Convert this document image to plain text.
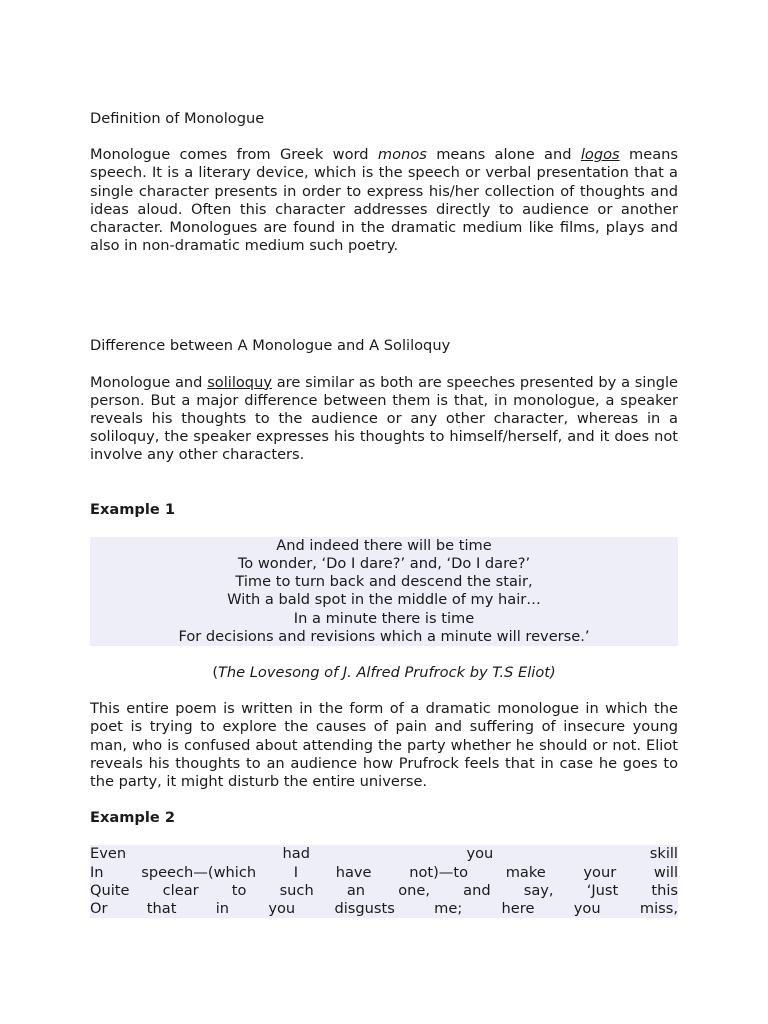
Definition of Monologue

Monologue comes from Greek word monos means alone and logos means speech. It is a literary device, which is the speech or verbal presentation that a single character presents in order to express his/her collection of thoughts and ideas aloud. Often this character addresses directly to audience or another character. Monologues are found in the dramatic medium like films, plays and also in non-dramatic medium such poetry.

Difference between A Monologue and A Soliloquy

Monologue and soliloquy are similar as both are speeches presented by a single person. But a major difference between them is that, in monologue, a speaker reveals his thoughts to the audience or any other character, whereas in a soliloquy, the speaker expresses his thoughts to himself/herself, and it does not involve any other characters.

Example 1

And indeed there will be time
To wonder, ‘Do I dare?’ and, ‘Do I dare?’
Time to turn back and descend the stair,
With a bald spot in the middle of my hair…
In a minute there is time
For decisions and revisions which a minute will reverse.’

(The Lovesong of J. Alfred Prufrock by T.S Eliot)

This entire poem is written in the form of a dramatic monologue in which the poet is trying to explore the causes of pain and suffering of insecure young man, who is confused about attending the party whether he should or not. Eliot reveals his thoughts to an audience how Prufrock feels that in case he goes to the party, it might disturb the entire universe.

Example 2

Even had you skill
In speech—(which I have not)—to make your will
Quite clear to such an one, and say, ‘Just this
Or that in you disgusts me; here you miss,
